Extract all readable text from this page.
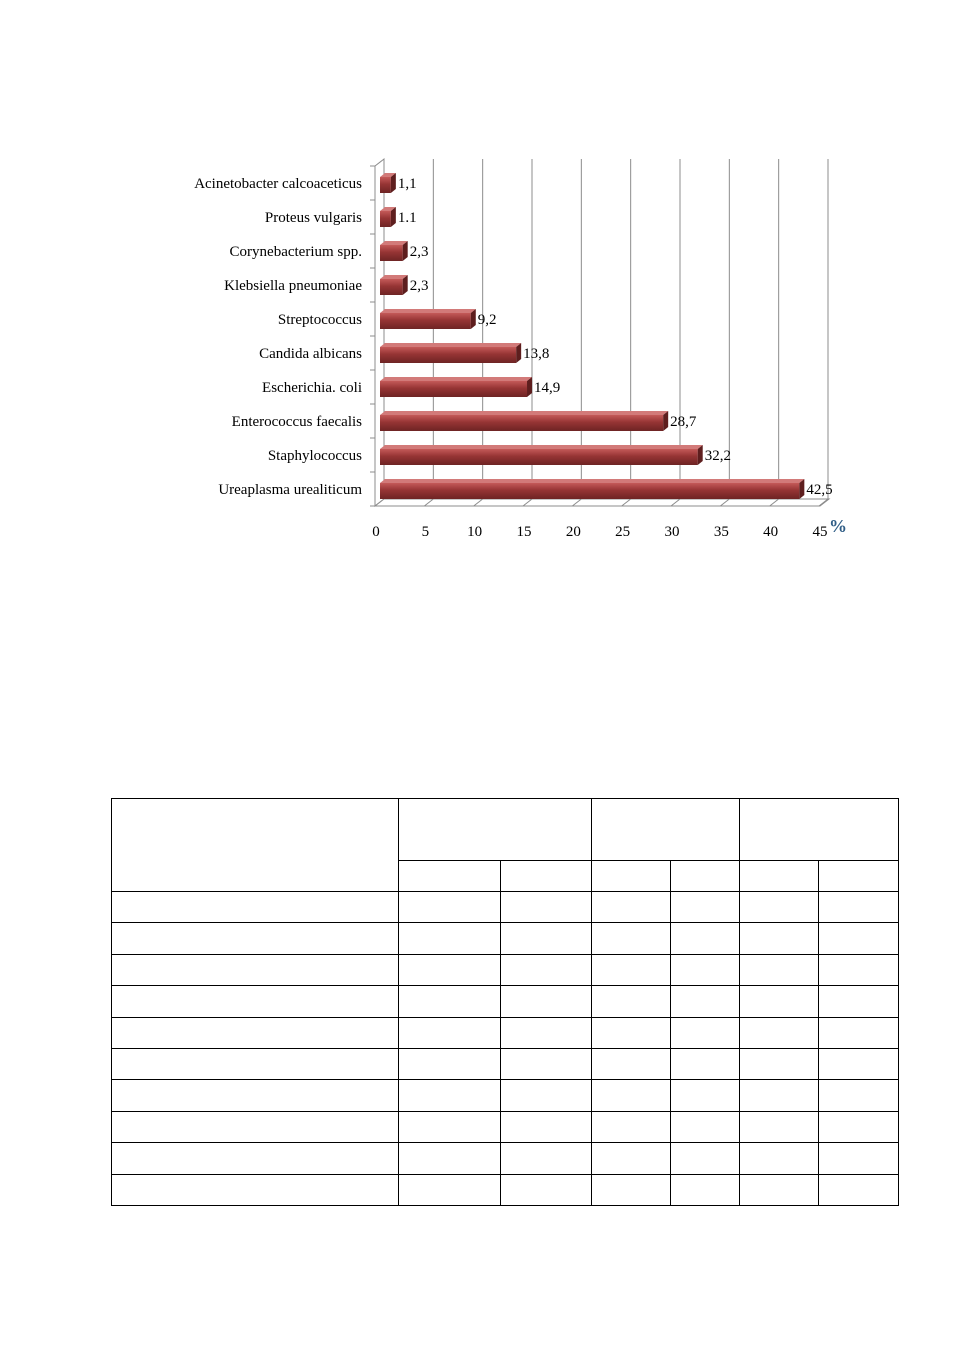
0	5	10 15 20 25 30 35 40 45
Ureaplasma urealiticum
Staphylococcus
Enterococcus faecalis
Escherichia. coli
Candida albicans
Streptococcus
Klebsiella pneumoniae
Corynebacterium spp.
Proteus vulgaris
Acinetobacter calcoaceticus
42,5
32,2
28,7
14,9
13,8
9,2
2,3
2,3
1.1
1,1
%
